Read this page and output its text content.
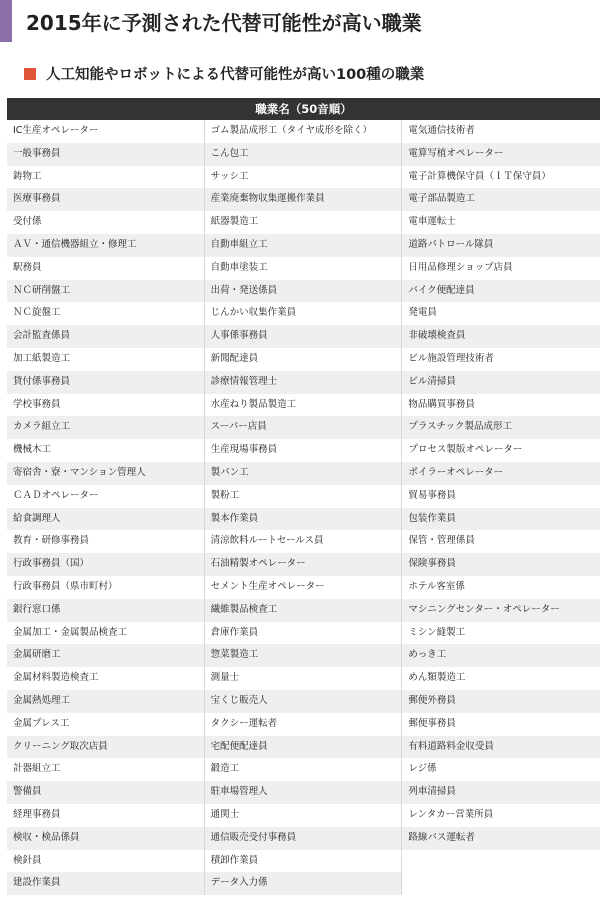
2015年に予測された代替可能性が高い職業
人工知能やロボットによる代替可能性が高い100種の職業
職業名（50音順）
IC生産オペレーター
一般事務員
鋳物工
医療事務員
受付係
ＡＶ・通信機器組立・修理工
駅務員
ＮＣ研削盤工
ＮＣ旋盤工
会計監査係員
加工紙製造工
貸付係事務員
学校事務員
カメラ組立工
機械木工
寄宿舎・寮・マンション管理人
ＣＡＤオペレーター
給食調理人
教育・研修事務員
行政事務員（国）
行政事務員（県市町村）
銀行窓口係
金属加工・金属製品検査工
金属研磨工
金属材料製造検査工
金属熱処理工
金属プレス工
クリーニング取次店員
計器組立工
警備員
経理事務員
検収・検品係員
検針員
建設作業員
ゴム製品成形工（タイヤ成形を除く）
こん包工
サッシ工
産業廃棄物収集運搬作業員
紙器製造工
自動車組立工
自動車塗装工
出荷・発送係員
じんかい収集作業員
人事係事務員
新聞配達員
診療情報管理士
水産ねり製品製造工
スーパー店員
生産現場事務員
製パン工
製粉工
製本作業員
清涼飲料ルートセールス員
石油精製オペレーター
セメント生産オペレーター
繊維製品検査工
倉庫作業員
惣菜製造工
測量士
宝くじ販売人
タクシー運転者
宅配便配達員
鍛造工
駐車場管理人
通関士
通信販売受付事務員
積卸作業員
データ入力係
電気通信技術者
電算写植オペレーター
電子計算機保守員（ＩＴ保守員）
電子部品製造工
電車運転士
道路パトロール隊員
日用品修理ショップ店員
バイク便配達員
発電員
非破壊検査員
ビル施設管理技術者
ビル清掃員
物品購買事務員
プラスチック製品成形工
プロセス製版オペレーター
ボイラーオペレーター
貿易事務員
包装作業員
保管・管理係員
保険事務員
ホテル客室係
マシニングセンター・オペレーター
ミシン縫製工
めっき工
めん類製造工
郵便外務員
郵便事務員
有料道路料金収受員
レジ係
列車清掃員
レンタカー営業所員
路線バス運転者
